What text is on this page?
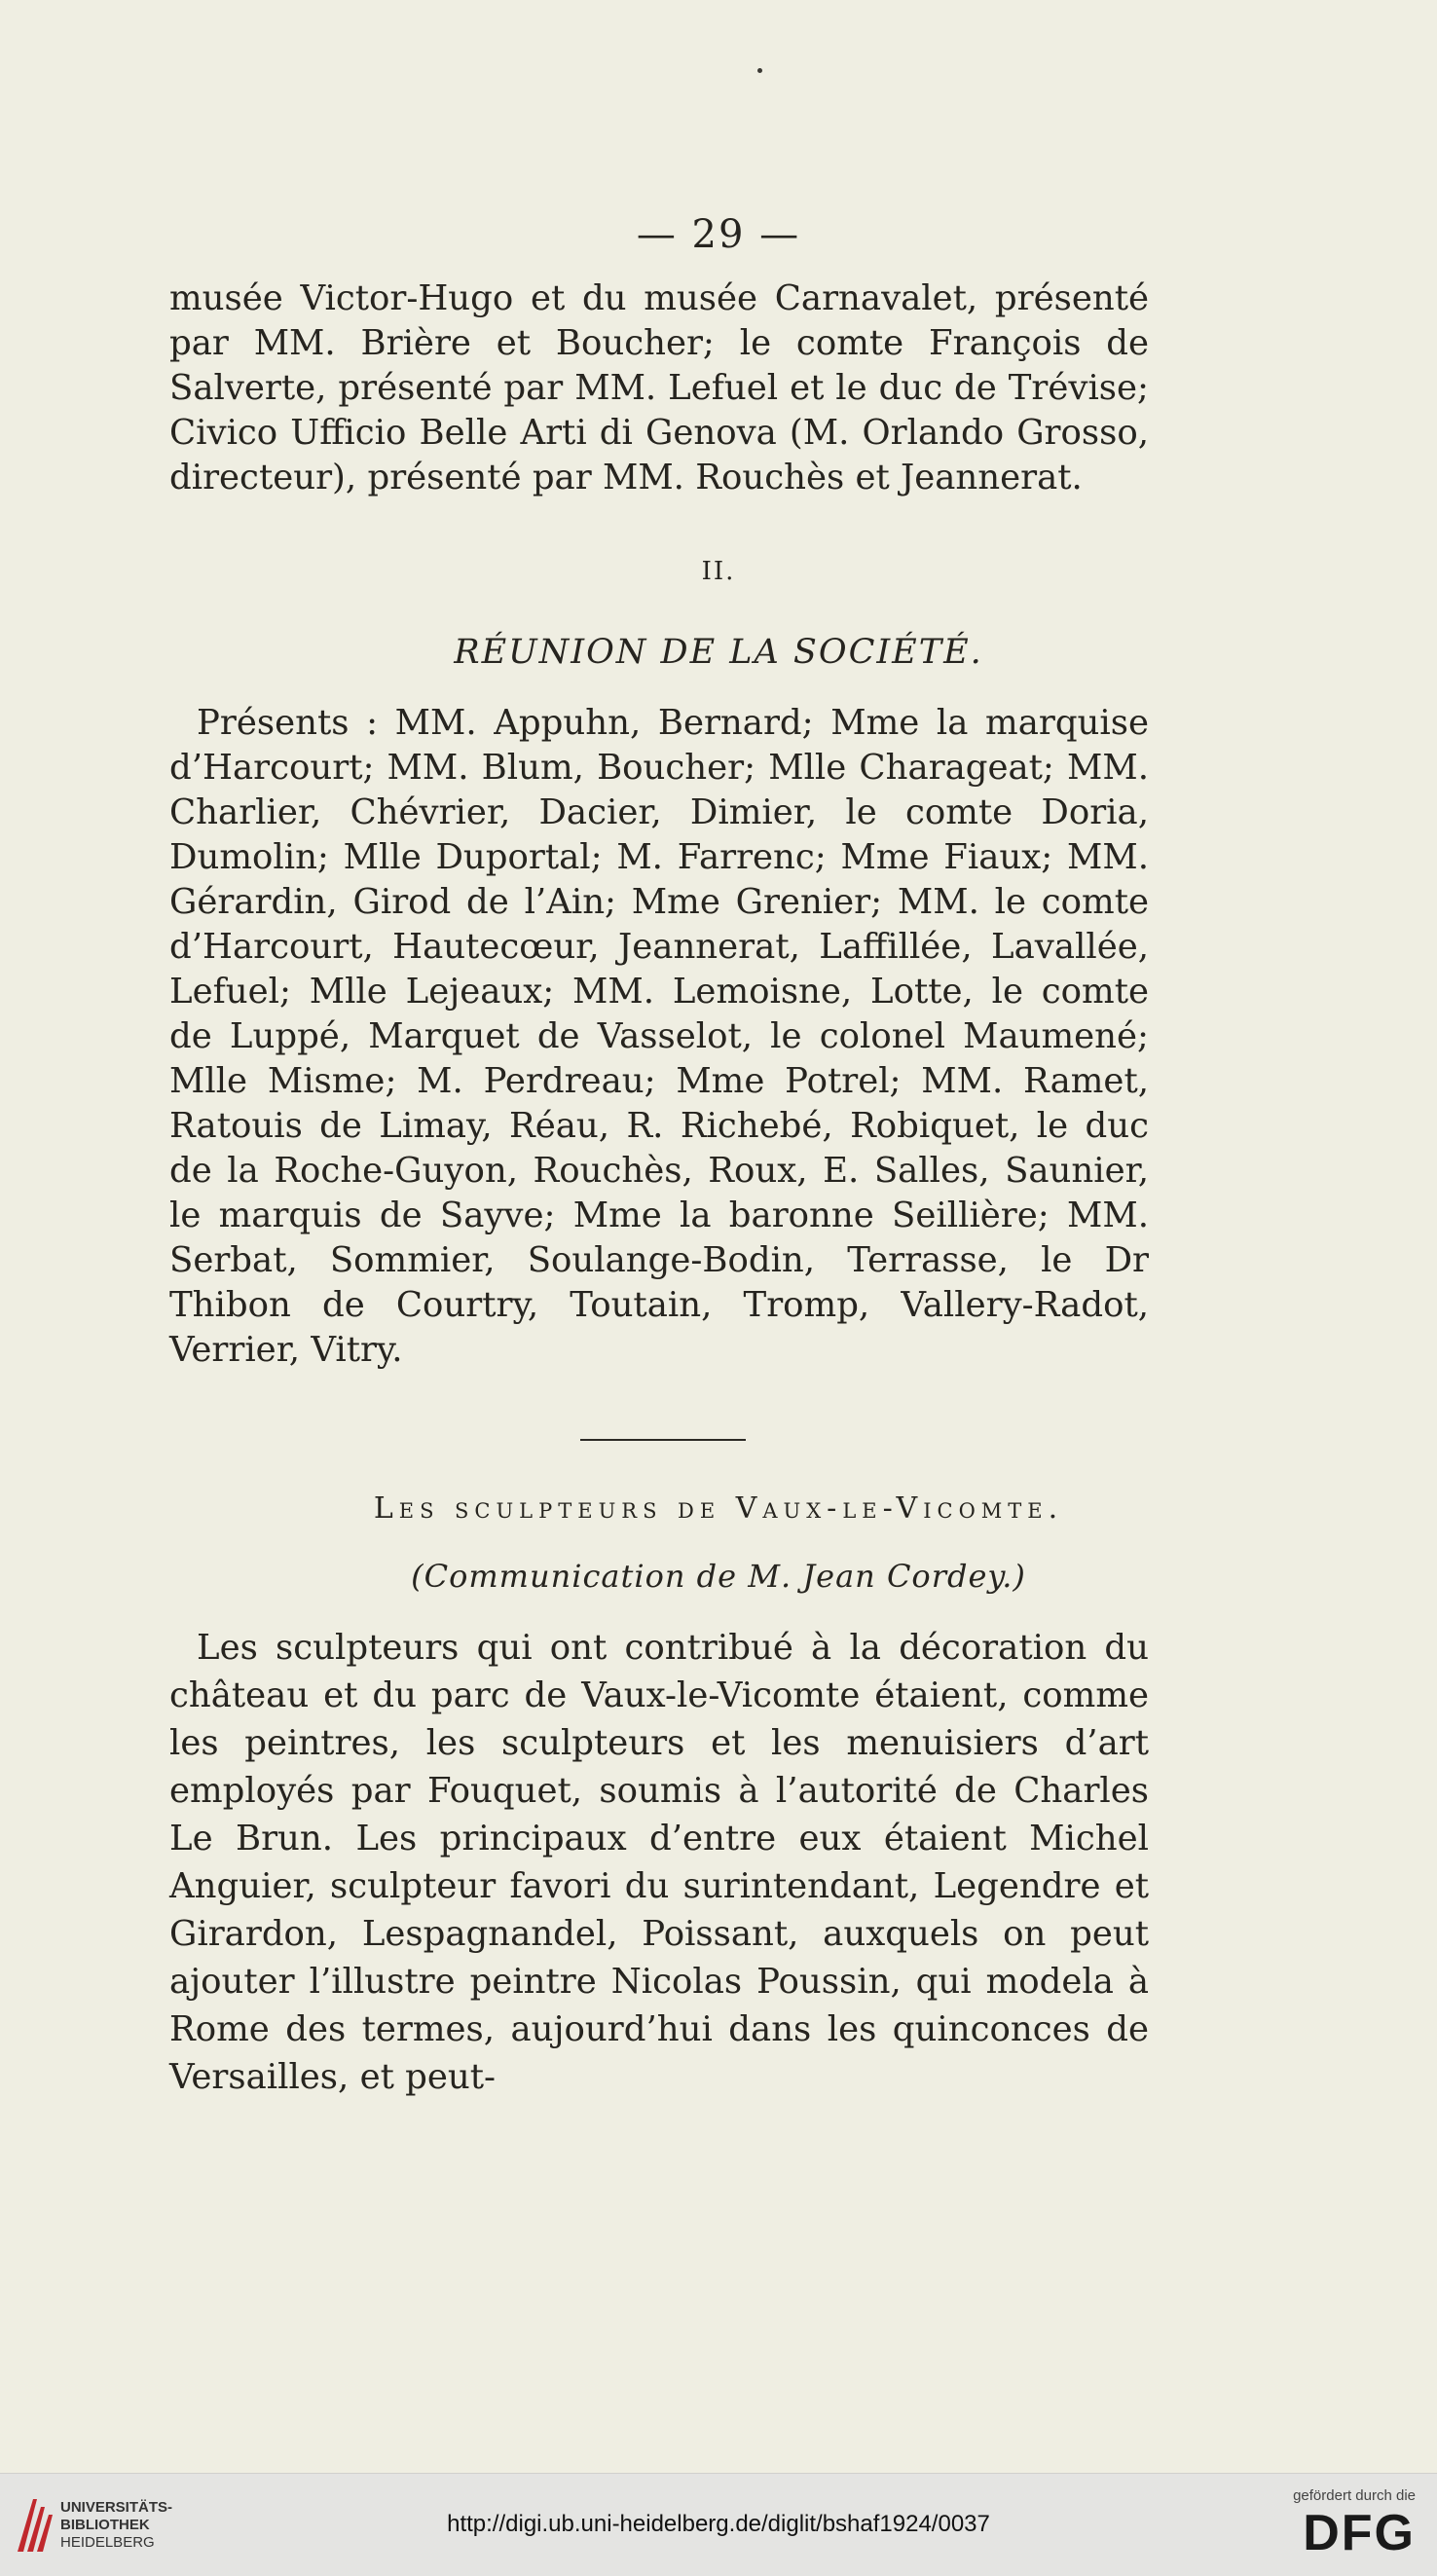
— 29 —

musée Victor-Hugo et du musée Carnavalet, présenté par MM. Brière et Boucher; le comte François de Salverte, présenté par MM. Lefuel et le duc de Trévise; Civico Ufficio Belle Arti di Genova (M. Orlando Grosso, directeur), présenté par MM. Rouchès et Jeannerat.

II.
RÉUNION DE LA SOCIÉTÉ.

Présents : MM. Appuhn, Bernard; Mme la marquise d’Harcourt; MM. Blum, Boucher; Mlle Charageat; MM. Charlier, Chévrier, Dacier, Dimier, le comte Doria, Dumolin; Mlle Duportal; M. Farrenc; Mme Fiaux; MM. Gérardin, Girod de l’Ain; Mme Grenier; MM. le comte d’Harcourt, Hautecœur, Jeannerat, Laffillée, Lavallée, Lefuel; Mlle Lejeaux; MM. Lemoisne, Lotte, le comte de Luppé, Marquet de Vasselot, le colonel Maumené; Mlle Misme; M. Perdreau; Mme Potrel; MM. Ramet, Ratouis de Limay, Réau, R. Richebé, Robiquet, le duc de la Roche-Guyon, Rouchès, Roux, E. Salles, Saunier, le marquis de Sayve; Mme la baronne Seillière; MM. Serbat, Sommier, Soulange-Bodin, Terrasse, le Dr Thibon de Courtry, Toutain, Tromp, Vallery-Radot, Verrier, Vitry.

Les sculpteurs de Vaux-le-Vicomte.
(Communication de M. Jean Cordey.)

Les sculpteurs qui ont contribué à la décoration du château et du parc de Vaux-le-Vicomte étaient, comme les peintres, les sculpteurs et les menuisiers d’art employés par Fouquet, soumis à l’autorité de Charles Le Brun. Les principaux d’entre eux étaient Michel Anguier, sculpteur favori du surintendant, Legendre et Girardon, Lespagnandel, Poissant, auxquels on peut ajouter l’illustre peintre Nicolas Poussin, qui modela à Rome des termes, aujourd’hui dans les quinconces de Versailles, et peut-

UNIVERSITÄTS-
BIBLIOTHEK
HEIDELBERG
http://digi.ub.uni-heidelberg.de/diglit/bshaf1924/0037
gefördert durch die
DFG
